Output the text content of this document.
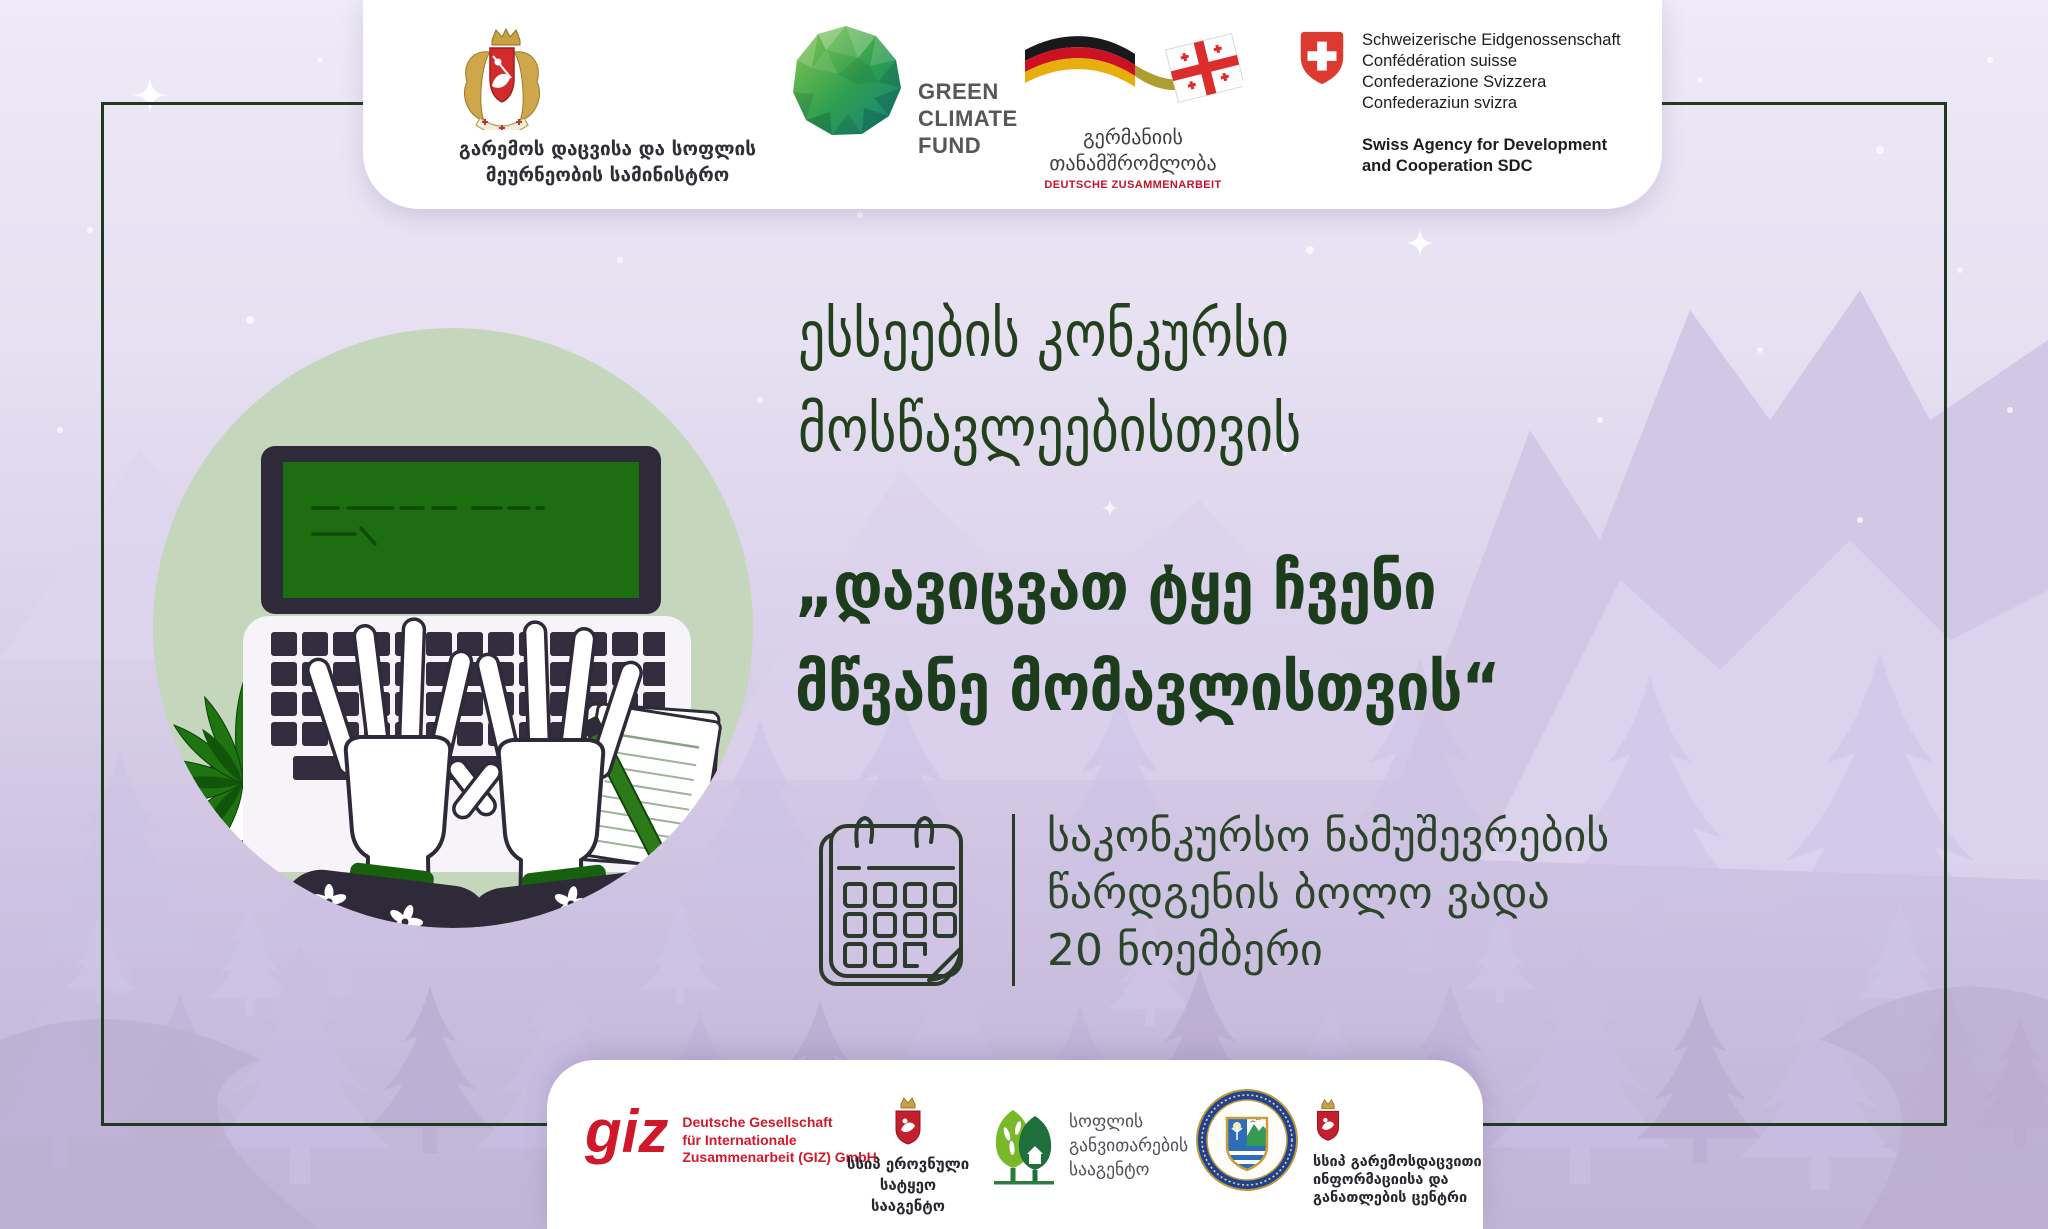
გარემოს დაცვისა და სოფლის
მეურნეობის სამინისტრო
GREEN
CLIMATE
FUND	გერმანიის
თანამშრომლობა
DEUTSCHE ZUSAMMENARBEIT
Schweizerische Eidgenossenschaft
Confédération suisse
Confederazione Svizzera
Confederaziun svizra
Swiss Agency for Development
and Cooperation SDC
ესსეების კონკურსი
მოსწავლეებისთვის
„დავიცვათ ტყე ჩვენი
მწვანე მომავლისთვის“
საკონკურსო ნამუშევრების
წარდგენის ბოლო ვადა
20 ნოემბერი
giz Deutsche Gesellschaft
für Internationale
Zusammenarbeit (GIZ) GmbH
სსიპ ეროვნული
სატყეო სააგენტო
სოფლის
განვითარების
სააგენტო	სსიპ გარემოსდაცვითი
ინფორმაციისა და
განათლების ცენტრი
